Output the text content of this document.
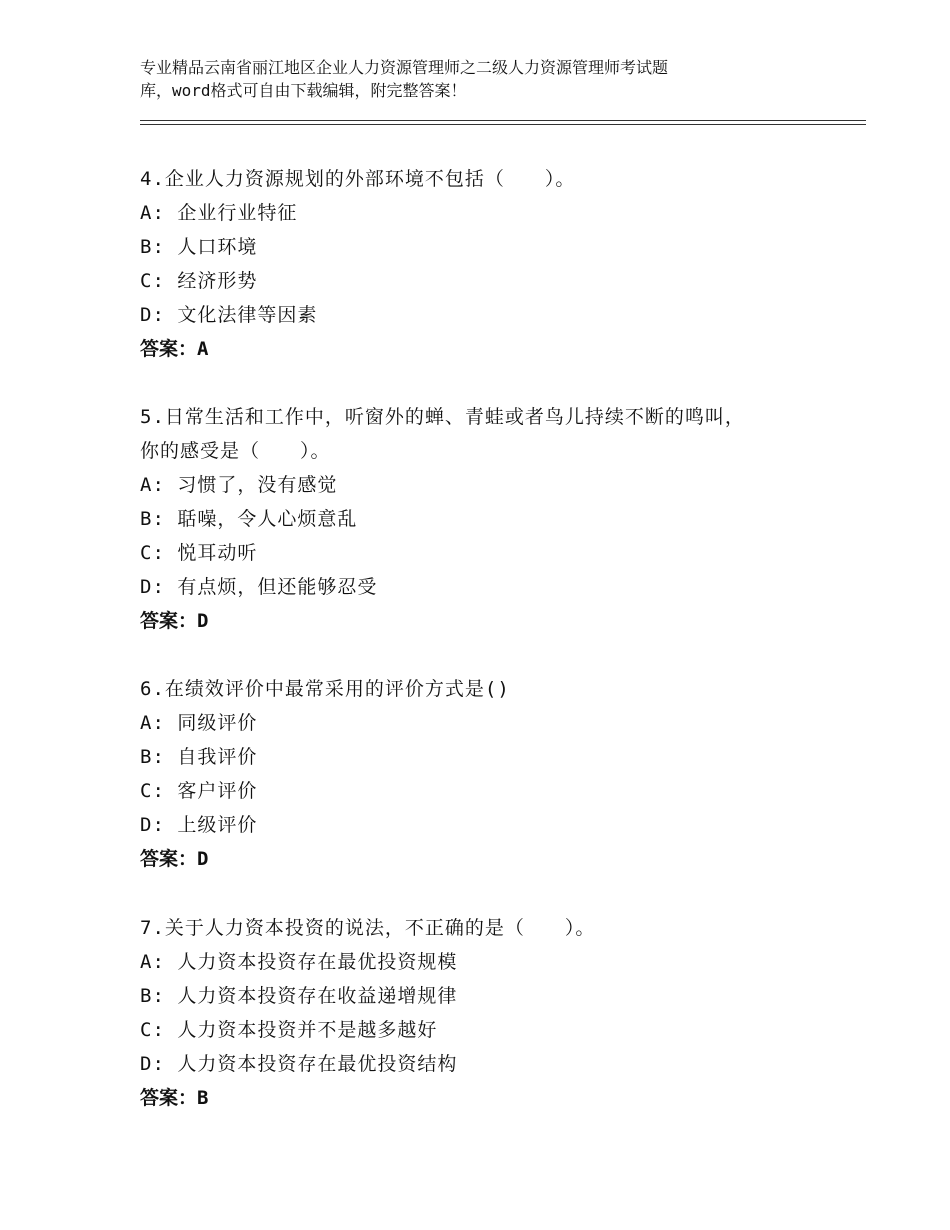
专业精品云南省丽江地区企业人力资源管理师之二级人力资源管理师考试题
库，word格式可自由下载编辑，附完整答案！
4.企业人力资源规划的外部环境不包括（　　）。
A: 企业行业特征
B: 人口环境
C: 经济形势
D: 文化法律等因素
答案：A
5.日常生活和工作中，听窗外的蝉、青蛙或者鸟儿持续不断的鸣叫，
你的感受是（　　）。
A: 习惯了，没有感觉
B: 聒噪，令人心烦意乱
C: 悦耳动听
D: 有点烦，但还能够忍受
答案：D
6.在绩效评价中最常采用的评价方式是()
A: 同级评价
B: 自我评价
C: 客户评价
D: 上级评价
答案：D
7.关于人力资本投资的说法，不正确的是（　　）。
A: 人力资本投资存在最优投资规模
B: 人力资本投资存在收益递增规律
C: 人力资本投资并不是越多越好
D: 人力资本投资存在最优投资结构
答案：B
